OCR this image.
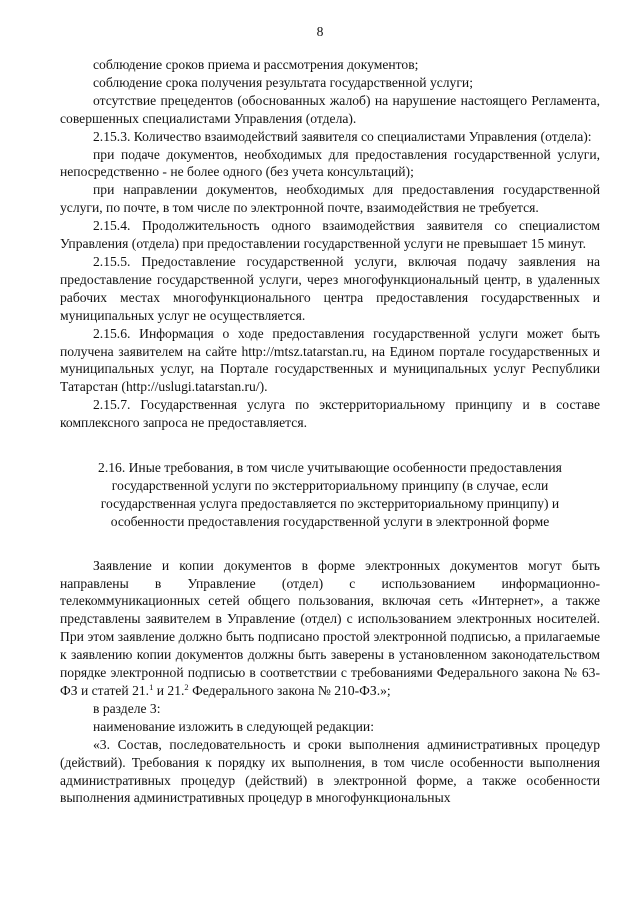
8

соблюдение сроков приема и рассмотрения документов;

соблюдение срока получения результата государственной услуги;

отсутствие прецедентов (обоснованных жалоб) на нарушение настоящего Регламента, совершенных специалистами Управления (отдела).

2.15.3. Количество взаимодействий заявителя со специалистами Управления (отдела):

при подаче документов, необходимых для предоставления государственной услуги, непосредственно - не более одного (без учета консультаций);

при направлении документов, необходимых для предоставления государственной услуги, по почте, в том числе по электронной почте, взаимодействия не требуется.

2.15.4. Продолжительность одного взаимодействия заявителя со специалистом Управления (отдела) при предоставлении государственной услуги не превышает 15 минут.

2.15.5. Предоставление государственной услуги, включая подачу заявления на предоставление государственной услуги, через многофункциональный центр, в удаленных рабочих местах многофункционального центра предоставления государственных и муниципальных услуг не осуществляется.

2.15.6. Информация о ходе предоставления государственной услуги может быть получена заявителем на сайте http://mtsz.tatarstan.ru, на Едином портале государственных и муниципальных услуг, на Портале государственных и муниципальных услуг Республики Татарстан (http://uslugi.tatarstan.ru/).

2.15.7. Государственная услуга по экстерриториальному принципу и в составе комплексного запроса не предоставляется.

2.16. Иные требования, в том числе учитывающие особенности предоставления

государственной услуги по экстерриториальному принципу (в случае, если

государственная услуга предоставляется по экстерриториальному принципу) и

особенности предоставления государственной услуги в электронной форме

Заявление и копии документов в форме электронных документов могут быть направлены в Управление (отдел) с использованием информационно-телекоммуникационных сетей общего пользования, включая сеть «Интернет», а также представлены заявителем в Управление (отдел) с использованием электронных носителей. При этом заявление должно быть подписано простой электронной подписью, а прилагаемые к заявлению копии документов должны быть заверены в установленном законодательством порядке электронной подписью в соответствии с требованиями Федерального закона № 63-ФЗ и статей 21.$^1$ и 21.$^2$ Федерального закона № 210-ФЗ.»;

в разделе 3:

наименование изложить в следующей редакции:

«3. Состав, последовательность и сроки выполнения административных процедур (действий). Требования к порядку их выполнения, в том числе особенности выполнения административных процедур (действий) в электронной форме, а также особенности выполнения административных процедур в многофункциональных
